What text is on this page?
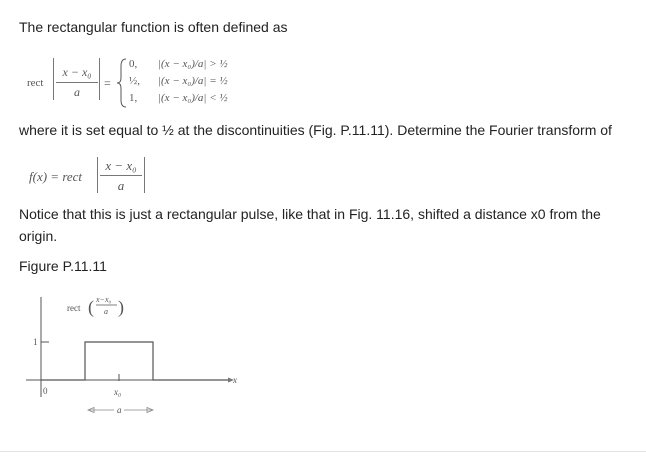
The rectangular function is often defined as
rect
x − x₀
a
=
0, |(x − x₀)/a| > ½
½, |(x − x₀)/a| = ½
1, |(x − x₀)/a| < ½
where it is set equal to ½ at the discontinuities (Fig. P.11.11). Determine the Fourier transform of
f(x) = rect
x − x₀
a
Notice that this is just a rectangular pulse, like that in Fig. 11.16, shifted a distance x0 from the origin.
Figure P.11.11
1
x₀
0
x
rect ( x−x₀
a )
a
